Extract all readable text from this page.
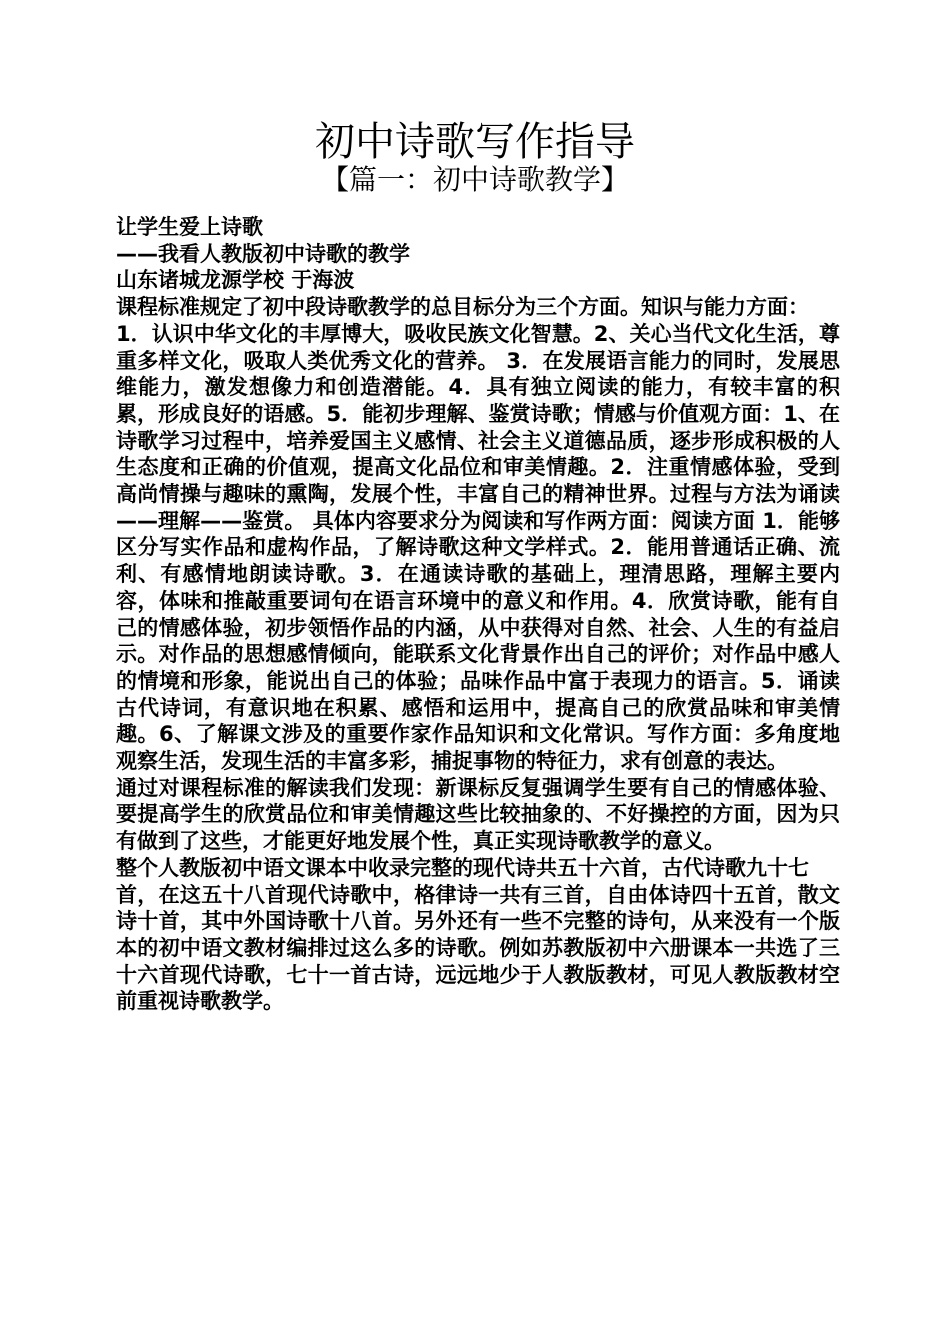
初中诗歌写作指导
【篇一：初中诗歌教学】

让学生爱上诗歌

——我看人教版初中诗歌的教学

山东诸城龙源学校 于海波

课程标准规定了初中段诗歌教学的总目标分为三个方面。知识与能力方面：

1．认识中华文化的丰厚博大，吸收民族文化智慧。2、关心当代文化生活，尊重多样文化，吸取人类优秀文化的营养。 3．在发展语言能力的同时，发展思维能力，激发想像力和创造潜能。4．具有独立阅读的能力，有较丰富的积累，形成良好的语感。5．能初步理解、鉴赏诗歌；情感与价值观方面：1、在诗歌学习过程中，培养爱国主义感情、社会主义道德品质，逐步形成积极的人生态度和正确的价值观，提高文化品位和审美情趣。2．注重情感体验，受到高尚情操与趣味的熏陶，发展个性，丰富自己的精神世界。过程与方法为诵读——理解——鉴赏。 具体内容要求分为阅读和写作两方面：阅读方面 1．能够区分写实作品和虚构作品，了解诗歌这种文学样式。2．能用普通话正确、流利、有感情地朗读诗歌。3．在通读诗歌的基础上，理清思路，理解主要内容，体味和推敲重要词句在语言环境中的意义和作用。4．欣赏诗歌，能有自己的情感体验，初步领悟作品的内涵，从中获得对自然、社会、人生的有益启示。对作品的思想感情倾向，能联系文化背景作出自己的评价；对作品中感人的情境和形象，能说出自己的体验；品味作品中富于表现力的语言。5．诵读古代诗词，有意识地在积累、感悟和运用中，提高自己的欣赏品味和审美情趣。6、了解课文涉及的重要作家作品知识和文化常识。写作方面：多角度地观察生活，发现生活的丰富多彩，捕捉事物的特征力，求有创意的表达。

通过对课程标准的解读我们发现：新课标反复强调学生要有自己的情感体验、要提高学生的欣赏品位和审美情趣这些比较抽象的、不好操控的方面，因为只有做到了这些，才能更好地发展个性，真正实现诗歌教学的意义。

整个人教版初中语文课本中收录完整的现代诗共五十六首，古代诗歌九十七

首，在这五十八首现代诗歌中，格律诗一共有三首，自由体诗四十五首，散文诗十首，其中外国诗歌十八首。另外还有一些不完整的诗句，从来没有一个版本的初中语文教材编排过这么多的诗歌。例如苏教版初中六册课本一共选了三十六首现代诗歌，七十一首古诗，远远地少于人教版教材，可见人教版教材空前重视诗歌教学。
